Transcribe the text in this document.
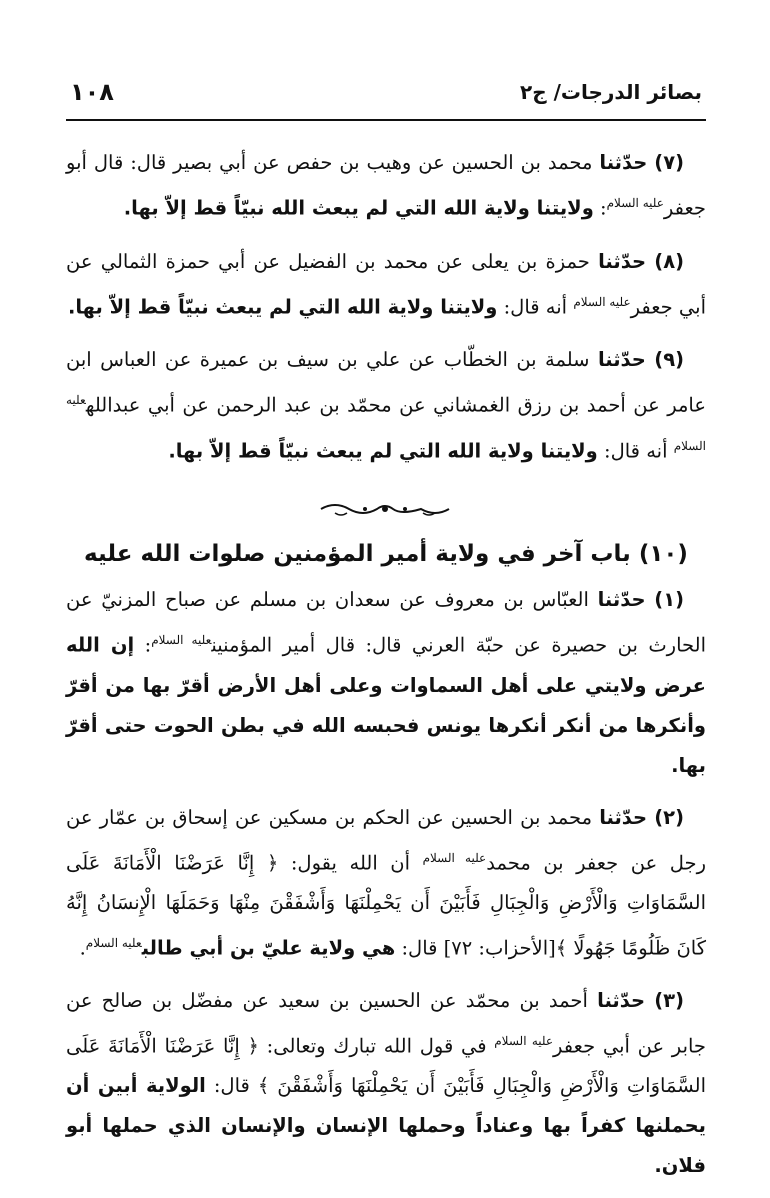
بصائر الدرجات/ ج٢
١٠٨

(٧) حدّثنا محمد بن الحسين عن وهيب بن حفص عن أبي بصير قال: قال أبو جعفر$^{عليه السلام}$: ولايتنا ولاية الله التي لم يبعث الله نبيّاً قط إلاّ بها.

(٨) حدّثنا حمزة بن يعلى عن محمد بن الفضيل عن أبي حمزة الثمالي عن أبي جعفر$^{عليه السلام}$ أنه قال: ولايتنا ولاية الله التي لم يبعث نبيّاً قط إلاّ بها.

(٩) حدّثنا سلمة بن الخطّاب عن علي بن سيف بن عميرة عن العباس ابن عامر عن أحمد بن رزق الغمشاني عن محمّد بن عبد الرحمن عن أبي عبدالله$^{عليه السلام}$ أنه قال: ولايتنا ولاية الله التي لم يبعث نبيّاً قط إلاّ بها.

(١٠) باب آخر في ولاية أمير المؤمنين صلوات الله عليه

(١) حدّثنا العبّاس بن معروف عن سعدان بن مسلم عن صباح المزنيّ عن الحارث بن حصيرة عن حبّة العرني قال: قال أمير المؤمنين$^{عليه السلام}$: إن الله عرض ولايتي على أهل السماوات وعلى أهل الأرض أقرّ بها من أقرّ وأنكرها من أنكر أنكرها يونس فحبسه الله في بطن الحوت حتى أقرّ بها.

(٢) حدّثنا محمد بن الحسين عن الحكم بن مسكين عن إسحاق بن عمّار عن رجل عن جعفر بن محمد$^{عليه السلام}$ أن الله يقول: ﴿ إِنَّا عَرَضْنَا الْأَمَانَةَ عَلَى السَّمَاوَاتِ وَالْأَرْضِ وَالْجِبَالِ فَأَبَيْنَ أَن يَحْمِلْنَهَا وَأَشْفَقْنَ مِنْهَا وَحَمَلَهَا الْإِنسَانُ إِنَّهُ كَانَ ظَلُومًا جَهُولًا ﴾[الأحزاب: ٧٢] قال: هي ولاية عليّ بن أبي طالب$^{عليه السلام}$.

(٣) حدّثنا أحمد بن محمّد عن الحسين بن سعيد عن مفضّل بن صالح عن جابر عن أبي جعفر$^{عليه السلام}$ في قول الله تبارك وتعالى: ﴿ إِنَّا عَرَضْنَا الْأَمَانَةَ عَلَى السَّمَاوَاتِ وَالْأَرْضِ وَالْجِبَالِ فَأَبَيْنَ أَن يَحْمِلْنَهَا وَأَشْفَقْنَ ﴾ قال: الولاية أبين أن يحملنها كفراً بها وعناداً وحملها الإنسان والإنسان الذي حملها أبو فلان.
